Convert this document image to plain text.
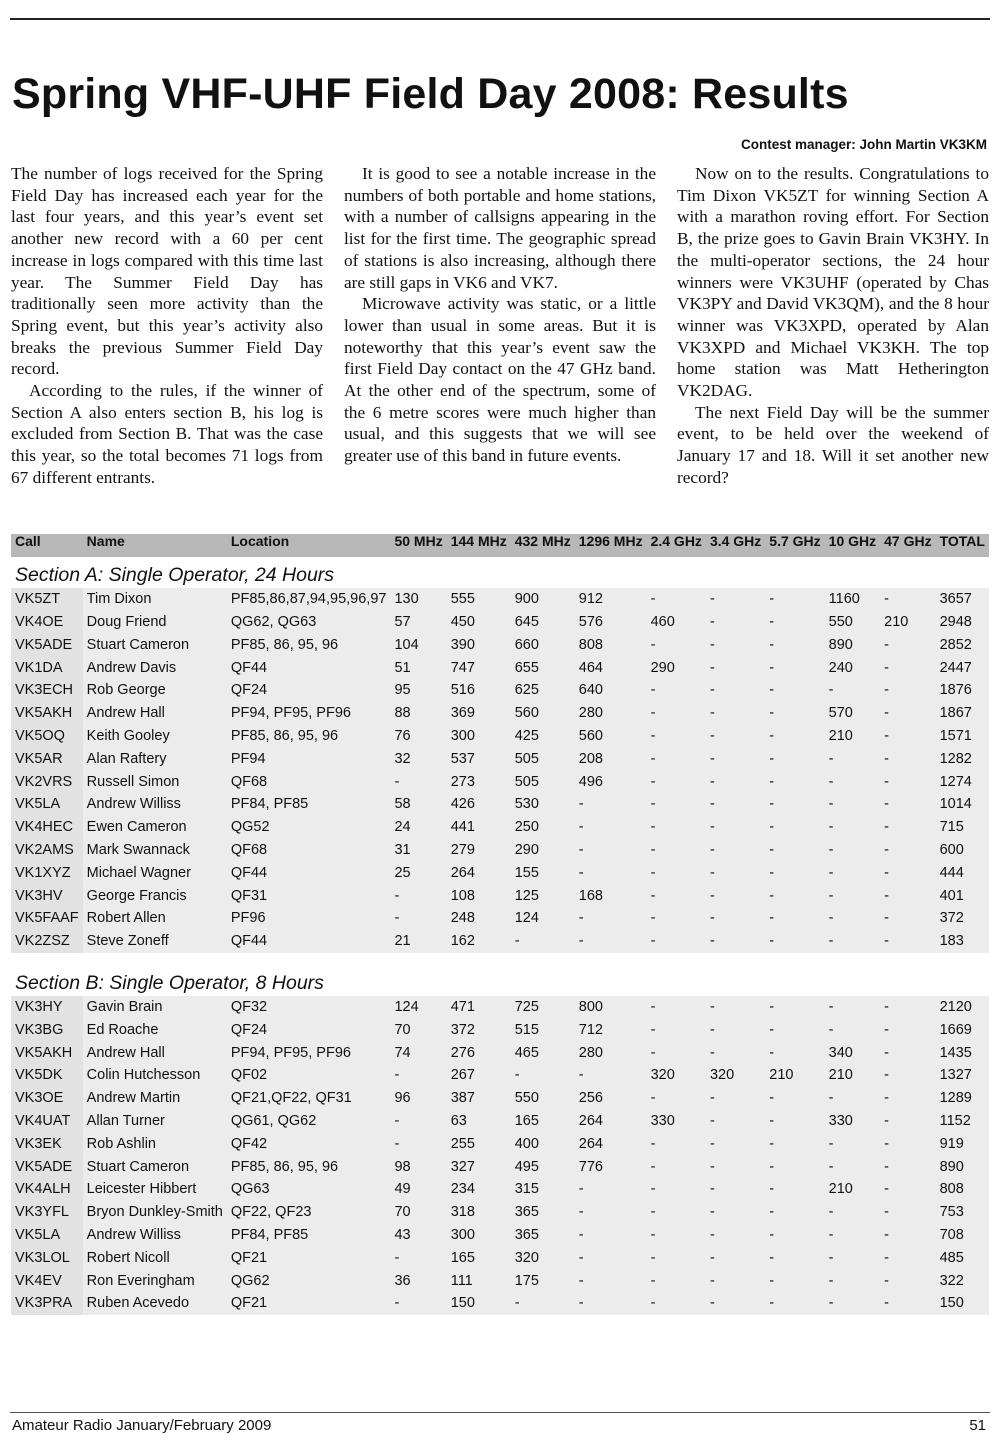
Spring VHF-UHF Field Day 2008: Results
Contest manager: John Martin VK3KM

The number of logs received for the Spring Field Day has increased each year for the last four years, and this year’s event set another new record with a 60 per cent increase in logs compared with this time last year. The Summer Field Day has traditionally seen more activity than the Spring event, but this year’s activity also breaks the previous Summer Field Day record.

According to the rules, if the winner of Section A also enters section B, his log is excluded from Section B. That was the case this year, so the total becomes 71 logs from 67 different entrants.

It is good to see a notable increase in the numbers of both portable and home stations, with a number of callsigns appearing in the list for the first time. The geographic spread of stations is also increasing, although there are still gaps in VK6 and VK7.

Microwave activity was static, or a little lower than usual in some areas. But it is noteworthy that this year’s event saw the first Field Day contact on the 47 GHz band. At the other end of the spectrum, some of the 6 metre scores were much higher than usual, and this suggests that we will see greater use of this band in future events.

Now on to the results. Congratulations to Tim Dixon VK5ZT for winning Section A with a marathon roving effort. For Section B, the prize goes to Gavin Brain VK3HY. In the multi-operator sections, the 24 hour winners were VK3UHF (operated by Chas VK3PY and David VK3QM), and the 8 hour winner was VK3XPD, operated by Alan VK3XPD and Michael VK3KH. The top home station was Matt Hetherington VK2DAG.

The next Field Day will be the summer event, to be held over the weekend of January 17 and 18. Will it set another new record?

Call	Name	Location	50 MHz	144 MHz	432 MHz	1296 MHz	2.4 GHz	3.4 GHz	5.7 GHz	10 GHz	47 GHz	TOTAL
Section A: Single Operator, 24 Hours												
VK5ZT	Tim Dixon	PF85,86,87,94,95,96,97	130	555	900	912	-	-	-	1160	-	3657
VK4OE	Doug Friend	QG62, QG63	57	450	645	576	460	-	-	550	210	2948
VK5ADE	Stuart Cameron	PF85, 86, 95, 96	104	390	660	808	-	-	-	890	-	2852
VK1DA	Andrew Davis	QF44	51	747	655	464	290	-	-	240	-	2447
VK3ECH	Rob George	QF24	95	516	625	640	-	-	-	-	-	1876
VK5AKH	Andrew Hall	PF94, PF95, PF96	88	369	560	280	-	-	-	570	-	1867
VK5OQ	Keith Gooley	PF85, 86, 95, 96	76	300	425	560	-	-	-	210	-	1571
VK5AR	Alan Raftery	PF94	32	537	505	208	-	-	-	-	-	1282
VK2VRS	Russell Simon	QF68	-	273	505	496	-	-	-	-	-	1274
VK5LA	Andrew Williss	PF84, PF85	58	426	530	-	-	-	-	-	-	1014
VK4HEC	Ewen Cameron	QG52	24	441	250	-	-	-	-	-	-	715
VK2AMS	Mark Swannack	QF68	31	279	290	-	-	-	-	-	-	600
VK1XYZ	Michael Wagner	QF44	25	264	155	-	-	-	-	-	-	444
VK3HV	George Francis	QF31	-	108	125	168	-	-	-	-	-	401
VK5FAAF	Robert Allen	PF96	-	248	124	-	-	-	-	-	-	372
VK2ZSZ	Steve Zoneff	QF44	21	162	-	-	-	-	-	-	-	183

Section B: Single Operator, 8 Hours												
VK3HY	Gavin Brain	QF32	124	471	725	800	-	-	-	-	-	2120
VK3BG	Ed Roache	QF24	70	372	515	712	-	-	-	-	-	1669
VK5AKH	Andrew Hall	PF94, PF95, PF96	74	276	465	280	-	-	-	340	-	1435
VK5DK	Colin Hutchesson	QF02	-	267	-	-	320	320	210	210	-	1327
VK3OE	Andrew Martin	QF21,QF22, QF31	96	387	550	256	-	-	-	-	-	1289
VK4UAT	Allan Turner	QG61, QG62	-	63	165	264	330	-	-	330	-	1152
VK3EK	Rob Ashlin	QF42	-	255	400	264	-	-	-	-	-	919
VK5ADE	Stuart Cameron	PF85, 86, 95, 96	98	327	495	776	-	-	-	-	-	890
VK4ALH	Leicester Hibbert	QG63	49	234	315	-	-	-	-	210	-	808
VK3YFL	Bryon Dunkley-Smith	QF22, QF23	70	318	365	-	-	-	-	-	-	753
VK5LA	Andrew Williss	PF84, PF85	43	300	365	-	-	-	-	-	-	708
VK3LOL	Robert Nicoll	QF21	-	165	320	-	-	-	-	-	-	485
VK4EV	Ron Everingham	QG62	36	111	175	-	-	-	-	-	-	322
VK3PRA	Ruben Acevedo	QF21	-	150	-	-	-	-	-	-	-	150
Amateur Radio January/February 2009	51
